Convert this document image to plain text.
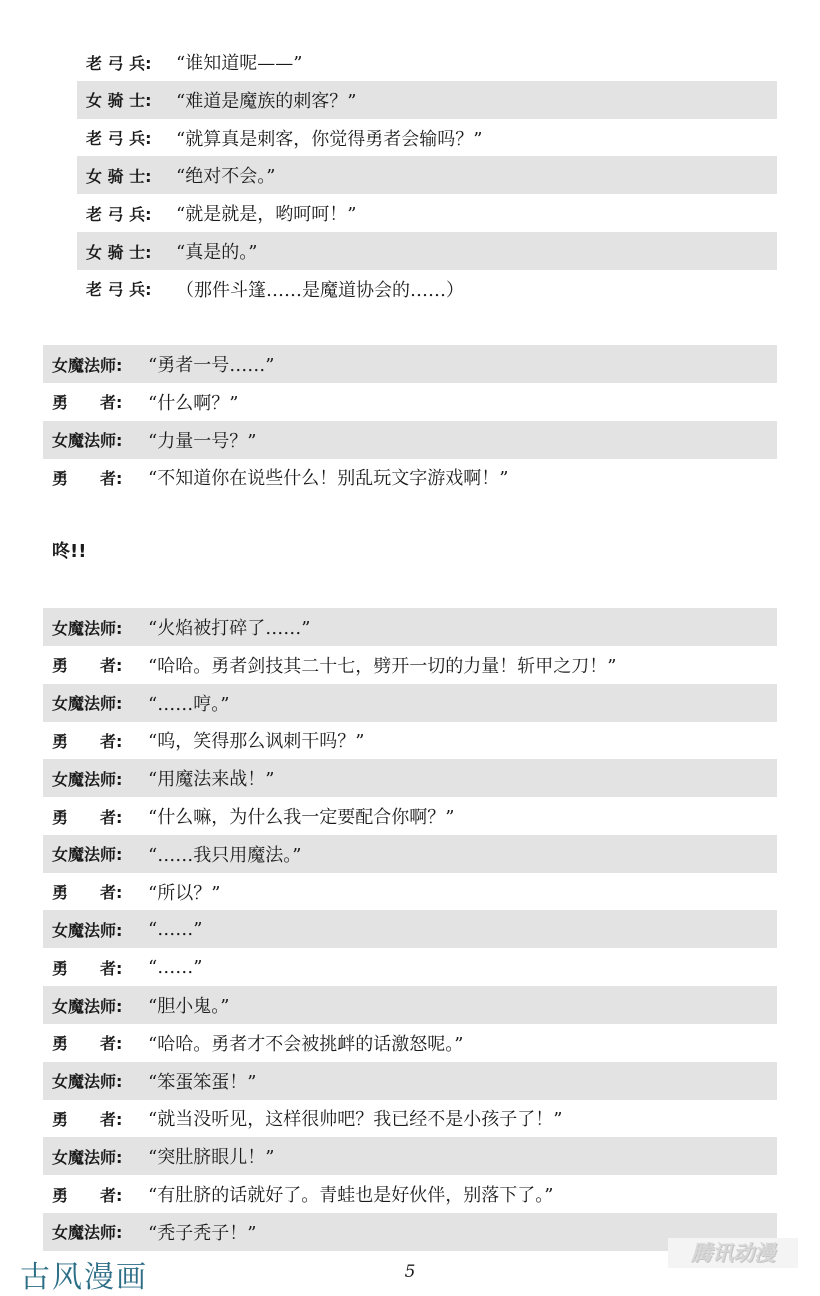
老 弓 兵:	“谁知道呢——”
女 骑 士:	“难道是魔族的刺客？”
老 弓 兵:	“就算真是刺客，你觉得勇者会输吗？”
女 骑 士:	“绝对不会。”
老 弓 兵:	“就是就是，哟呵呵！”
女 骑 士:	“真是的。”
老 弓 兵:	（那件斗篷……是魔道协会的……）
女魔法师:	“勇者一号……”
勇　　者:	“什么啊？”
女魔法师:	“力量一号？”
勇　　者:	“不知道你在说些什么！别乱玩文字游戏啊！”
女魔法师:	“火焰被打碎了……”
勇　　者:	“哈哈。勇者剑技其二十七，劈开一切的力量！斩甲之刀！”
女魔法师:	“……哼。”
勇　　者:	“呜，笑得那么讽刺干吗？”
女魔法师:	“用魔法来战！”
勇　　者:	“什么嘛，为什么我一定要配合你啊？”
女魔法师:	“……我只用魔法。”
勇　　者:	“所以？”
女魔法师:	“……”
勇　　者:	“……”
女魔法师:	“胆小鬼。”
勇　　者:	“哈哈。勇者才不会被挑衅的话激怒呢。”
女魔法师:	“笨蛋笨蛋！”
勇　　者:	“就当没听见，这样很帅吧？我已经不是小孩子了！”
女魔法师:	“突肚脐眼儿！”
勇　　者:	“有肚脐的话就好了。青蛙也是好伙伴，别落下了。”
女魔法师:	“秃子秃子！”
咚!!
5
古风漫画
腾讯动漫
